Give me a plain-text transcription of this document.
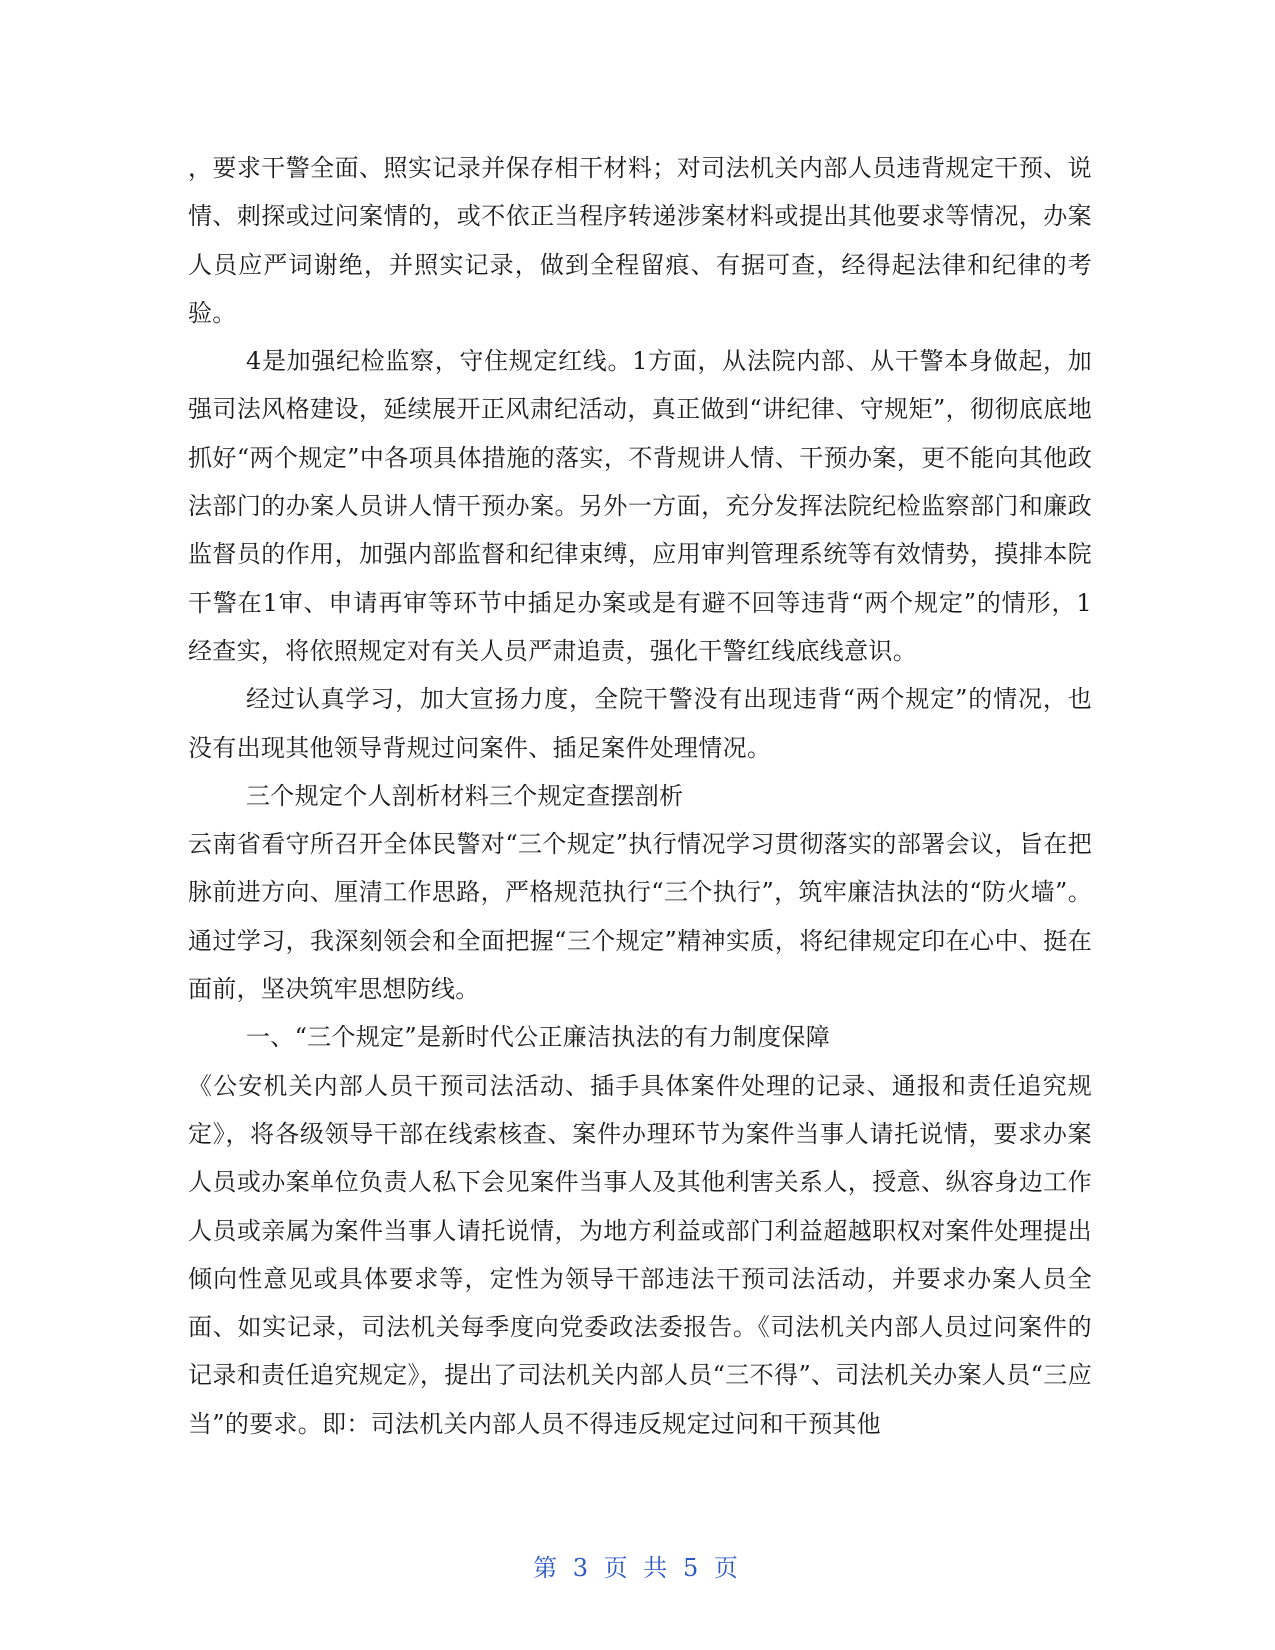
，要求干警全面、照实记录并保存相干材料；对司法机关内部人员违背规定干预、说情、刺探或过问案情的，或不依正当程序转递涉案材料或提出其他要求等情况，办案人员应严词谢绝，并照实记录，做到全程留痕、有据可查，经得起法律和纪律的考验。

4是加强纪检监察，守住规定红线。1方面，从法院内部、从干警本身做起，加强司法风格建设，延续展开正风肃纪活动，真正做到“讲纪律、守规矩”，彻彻底底地抓好“两个规定”中各项具体措施的落实，不背规讲人情、干预办案，更不能向其他政法部门的办案人员讲人情干预办案。另外一方面，充分发挥法院纪检监察部门和廉政监督员的作用，加强内部监督和纪律束缚，应用审判管理系统等有效情势，摸排本院干警在1审、申请再审等环节中插足办案或是有避不回等违背“两个规定”的情形，1经查实，将依照规定对有关人员严肃追责，强化干警红线底线意识。

经过认真学习，加大宣扬力度，全院干警没有出现违背“两个规定”的情况，也没有出现其他领导背规过问案件、插足案件处理情况。

三个规定个人剖析材料三个规定查摆剖析

云南省看守所召开全体民警对“三个规定”执行情况学习贯彻落实的部署会议，旨在把脉前进方向、厘清工作思路，严格规范执行“三个执行”，筑牢廉洁执法的“防火墙”。通过学习，我深刻领会和全面把握“三个规定”精神实质，将纪律规定印在心中、挺在面前，坚决筑牢思想防线。

一、“三个规定”是新时代公正廉洁执法的有力制度保障

《公安机关内部人员干预司法活动、插手具体案件处理的记录、通报和责任追究规定》，将各级领导干部在线索核查、案件办理环节为案件当事人请托说情，要求办案人员或办案单位负责人私下会见案件当事人及其他利害关系人，授意、纵容身边工作人员或亲属为案件当事人请托说情，为地方利益或部门利益超越职权对案件处理提出倾向性意见或具体要求等，定性为领导干部违法干预司法活动，并要求办案人员全面、如实记录，司法机关每季度向党委政法委报告。《司法机关内部人员过问案件的记录和责任追究规定》，提出了司法机关内部人员“三不得”、司法机关办案人员“三应当”的要求。即：司法机关内部人员不得违反规定过问和干预其他

第 3 页 共 5 页
